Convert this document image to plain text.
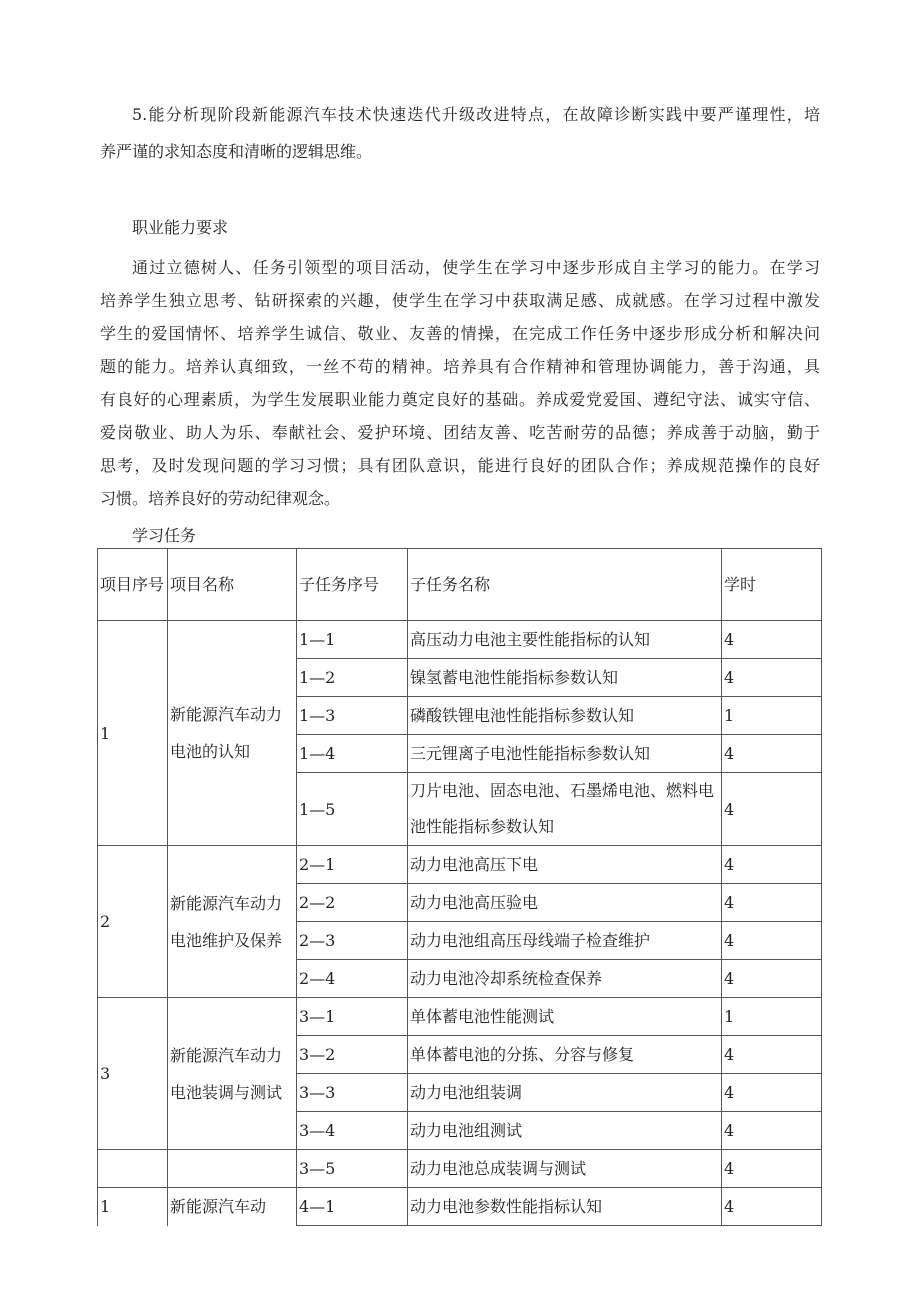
5.能分析现阶段新能源汽车技术快速迭代升级改进特点，在故障诊断实践中要严谨理性，培
养严谨的求知态度和清晰的逻辑思维。
职业能力要求
通过立德树人、任务引领型的项目活动，使学生在学习中逐步形成自主学习的能力。在学习
培养学生独立思考、钻研探索的兴趣，使学生在学习中获取满足感、成就感。在学习过程中激发
学生的爱国情怀、培养学生诚信、敬业、友善的情操，在完成工作任务中逐步形成分析和解决问
题的能力。培养认真细致，一丝不苟的精神。培养具有合作精神和管理协调能力，善于沟通，具
有良好的心理素质，为学生发展职业能力奠定良好的基础。养成爱党爱国、遵纪守法、诚实守信、
爱岗敬业、助人为乐、奉献社会、爱护环境、团结友善、吃苦耐劳的品德；养成善于动脑，勤于
思考，及时发现问题的学习习惯；具有团队意识，能进行良好的团队合作；养成规范操作的良好
习惯。培养良好的劳动纪律观念。
学习任务
项目序号	项目名称	子任务序号	子任务名称	学时
1	新能源汽车动力电池的认知	1—1	高压动力电池主要性能指标的认知	4
		1—2	镍氢蓄电池性能指标参数认知	4
		1—3	磷酸铁锂电池性能指标参数认知	1
		1—4	三元锂离子电池性能指标参数认知	4
		1—5	刀片电池、固态电池、石墨烯电池、燃料电池性能指标参数认知	4
2	新能源汽车动力电池维护及保养	2—1	动力电池高压下电	4
		2—2	动力电池高压验电	4
		2—3	动力电池组高压母线端子检查维护	4
		2—4	动力电池冷却系统检查保养	4
3	新能源汽车动力电池装调与测试	3—1	单体蓄电池性能测试	1
		3—2	单体蓄电池的分拣、分容与修复	4
		3—3	动力电池组装调	4
		3—4	动力电池组测试	4
		3—5	动力电池总成装调与测试	4
1	新能源汽车动	4—1	动力电池参数性能指标认知	4
